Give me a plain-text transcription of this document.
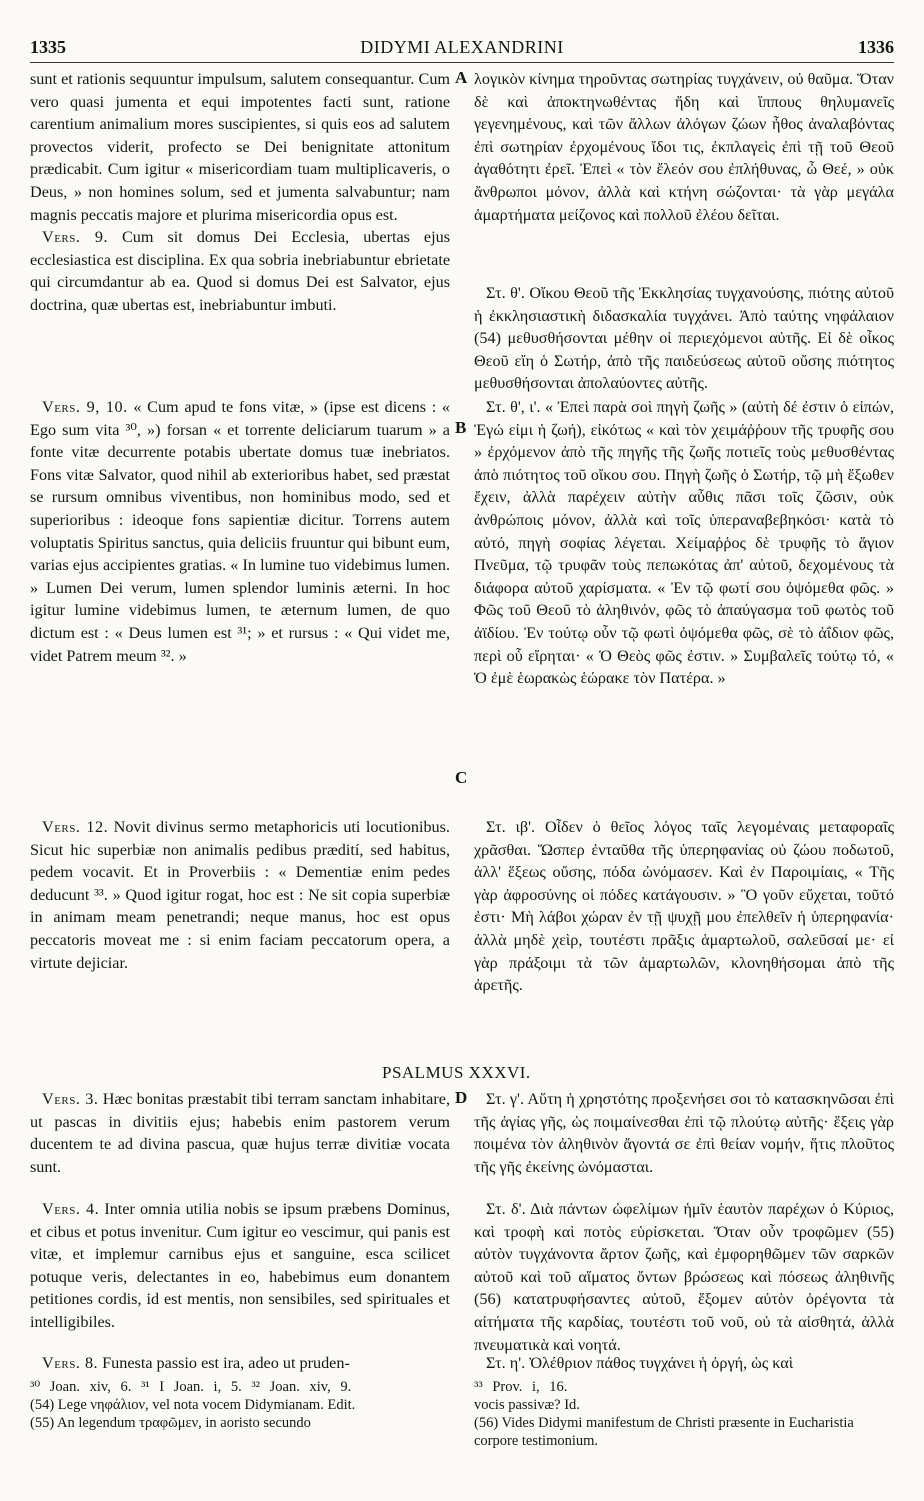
1335	DIDYMI ALEXANDRINI	1336
A
B
C
D
PSALMUS XXXVI.

sunt et rationis sequuntur impulsum, salutem consequantur. Cum vero quasi jumenta et equi impotentes facti sunt, ratione carentium animalium mores suscipientes, si quis eos ad salutem provectos viderit, profecto se Dei benignitate attonitum prædicabit. Cum igitur « misericordiam tuam multiplicaveris, o Deus, » non homines solum, sed et jumenta salvabuntur; nam magnis peccatis majore et plurima misericordia opus est.

Vers. 9. Cum sit domus Dei Ecclesia, ubertas ejus ecclesiastica est disciplina. Ex qua sobria inebriabuntur ebrietate qui circumdantur ab ea. Quod si domus Dei est Salvator, ejus doctrina, quæ ubertas est, inebriabuntur imbuti.

Vers. 9, 10. « Cum apud te fons vitæ, » (ipse est dicens : « Ego sum vita ³⁰, ») forsan « et torrente deliciarum tuarum » a fonte vitæ decurrente potabis ubertate domus tuæ inebriatos. Fons vitæ Salvator, quod nihil ab exterioribus habet, sed præstat se rursum omnibus viventibus, non hominibus modo, sed et superioribus : ideoque fons sapientiæ dicitur. Torrens autem voluptatis Spiritus sanctus, quia deliciis fruuntur qui bibunt eum, varias ejus accipientes gratias. « In lumine tuo videbimus lumen. » Lumen Dei verum, lumen splendor luminis æterni. In hoc igitur lumine videbimus lumen, te æternum lumen, de quo dictum est : « Deus lumen est ³¹; » et rursus : « Qui videt me, videt Patrem meum ³². »

Vers. 12. Novit divinus sermo metaphoricis uti locutionibus. Sicut hic superbiæ non animalis pedibus prædití, sed habitus, pedem vocavit. Et in Proverbiis : « Dementiæ enim pedes deducunt ³³. » Quod igitur rogat, hoc est : Ne sit copia superbiæ in animam meam penetrandi; neque manus, hoc est opus peccatoris moveat me : si enim faciam peccatorum opera, a virtute dejiciar.

Vers. 3. Hæc bonitas præstabit tibi terram sanctam inhabitare, ut pascas in divitiis ejus; habebis enim pastorem verum ducentem te ad divina pascua, quæ hujus terræ divitiæ vocata sunt.

Vers. 4. Inter omnia utilia nobis se ipsum præbens Dominus, et cibus et potus invenitur. Cum igitur eo vescimur, qui panis est vitæ, et implemur carnibus ejus et sanguine, esca scilicet potuque veris, delectantes in eo, habebimus eum donantem petitiones cordis, id est mentis, non sensibiles, sed spirituales et intelligibiles.

Vers. 8. Funesta passio est ira, adeo ut pruden-

λογικὸν κίνημα τηροῦντας σωτηρίας τυγχάνειν, οὐ θαῦμα. Ὅταν δὲ καὶ ἀποκτηνωθέντας ἤδη καὶ ἵππους θηλυμανεῖς γεγενημένους, καὶ τῶν ἄλλων ἀλόγων ζώων ἦθος ἀναλαβόντας ἐπὶ σωτηρίαν ἐρχομένους ἴδοι τις, ἐκπλαγεὶς ἐπὶ τῇ τοῦ Θεοῦ ἀγαθότητι ἐρεῖ. Ἐπεὶ « τὸν ἔλεόν σου ἐπλήθυνας, ὦ Θεέ, » οὐκ ἄνθρωποι μόνον, ἀλλὰ καὶ κτήνη σώζονται· τὰ γὰρ μεγάλα ἁμαρτήματα μείζονος καὶ πολλοῦ ἐλέου δεῖται.

Στ. θ'. Οἴκου Θεοῦ τῆς Ἐκκλησίας τυγχανούσης, πιότης αὐτοῦ ἡ ἐκκλησιαστικὴ διδασκαλία τυγχάνει. Ἀπὸ ταύτης νηφάλαιον (54) μεθυσθήσονται μέθην οἱ περιεχόμενοι αὐτῆς. Εἰ δὲ οἶκος Θεοῦ εἴη ὁ Σωτήρ, ἀπὸ τῆς παιδεύσεως αὐτοῦ οὔσης πιότητος μεθυσθήσονται ἀπολαύοντες αὐτῆς.

Στ. θ', ι'. « Ἐπεὶ παρὰ σοὶ πηγὴ ζωῆς » (αὐτὴ δέ ἐστιν ὁ εἰπών, Ἐγώ εἰμι ἡ ζωή), εἰκότως « καὶ τὸν χειμάῤῥουν τῆς τρυφῆς σου » ἐρχόμενον ἀπὸ τῆς πηγῆς τῆς ζωῆς ποτιεῖς τοὺς μεθυσθέντας ἀπὸ πιότητος τοῦ οἴκου σου. Πηγὴ ζωῆς ὁ Σωτήρ, τῷ μὴ ἔξωθεν ἔχειν, ἀλλὰ παρέχειν αὐτὴν αὖθις πᾶσι τοῖς ζῶσιν, οὐκ ἀνθρώποις μόνον, ἀλλὰ καὶ τοῖς ὑπεραναβεβηκόσι· κατὰ τὸ αὐτό, πηγὴ σοφίας λέγεται. Χείμαῤῥος δὲ τρυφῆς τὸ ἅγιον Πνεῦμα, τῷ τρυφᾶν τοὺς πεπωκότας ἀπ' αὐτοῦ, δεχομένους τὰ διάφορα αὐτοῦ χαρίσματα. « Ἐν τῷ φωτί σου ὀψόμεθα φῶς. » Φῶς τοῦ Θεοῦ τὸ ἀληθινόν, φῶς τὸ ἀπαύγασμα τοῦ φωτὸς τοῦ ἀϊδίου. Ἐν τούτῳ οὖν τῷ φωτὶ ὀψόμεθα φῶς, σὲ τὸ ἀΐδιον φῶς, περὶ οὗ εἴρηται· « Ὁ Θεὸς φῶς ἐστιν. » Συμβαλεῖς τούτῳ τό, « Ὁ ἐμὲ ἑωρακὼς ἑώρακε τὸν Πατέρα. »

Στ. ιβ'. Οἶδεν ὁ θεῖος λόγος ταῖς λεγομέναις μεταφοραῖς χρᾶσθαι. Ὥσπερ ἐνταῦθα τῆς ὑπερηφανίας οὐ ζώου ποδωτοῦ, ἀλλ' ἕξεως οὔσης, πόδα ὠνόμασεν. Καὶ ἐν Παροιμίαις, « Τῆς γὰρ ἀφροσύνης οἱ πόδες κατάγουσιν. » Ὃ γοῦν εὔχεται, τοῦτό ἐστι· Μὴ λάβοι χώραν ἐν τῇ ψυχῇ μου ἐπελθεῖν ἡ ὑπερηφανία· ἀλλὰ μηδὲ χεὶρ, τουτέστι πρᾶξις ἁμαρτωλοῦ, σαλεῦσαί με· εἰ γὰρ πράξοιμι τὰ τῶν ἁμαρτωλῶν, κλονηθήσομαι ἀπὸ τῆς ἀρετῆς.

Στ. γ'. Αὕτη ἡ χρηστότης προξενήσει σοι τὸ κατασκηνῶσαι ἐπὶ τῆς ἁγίας γῆς, ὡς ποιμαίνεσθαι ἐπὶ τῷ πλούτῳ αὐτῆς· ἕξεις γὰρ ποιμένα τὸν ἀληθινὸν ἄγοντά σε ἐπὶ θείαν νομήν, ἥτις πλοῦτος τῆς γῆς ἐκείνης ὠνόμασται.

Στ. δ'. Διὰ πάντων ὠφελίμων ἡμῖν ἑαυτὸν παρέχων ὁ Κύριος, καὶ τροφὴ καὶ ποτὸς εὑρίσκεται. Ὅταν οὖν τροφῶμεν (55) αὐτὸν τυγχάνοντα ἄρτον ζωῆς, καὶ ἐμφορηθῶμεν τῶν σαρκῶν αὐτοῦ καὶ τοῦ αἵματος ὄντων βρώσεως καὶ πόσεως ἀληθινῆς (56) κατατρυφήσαντες αὐτοῦ, ἕξομεν αὐτὸν ὀρέγοντα τὰ αἰτήματα τῆς καρδίας, τουτέστι τοῦ νοῦ, οὐ τὰ αἰσθητά, ἀλλὰ πνευματικὰ καὶ νοητά.

Στ. η'. Ὀλέθριον πάθος τυγχάνει ἡ ὀργή, ὡς καὶ

³⁰ Joan. xiv, 6. ³¹ I Joan. i, 5. ³² Joan. xiv, 9.
(54) Lege νηφάλιον, vel nota vocem Didymianam. Edit.
(55) An legendum τραφῶμεν, in aoristo secundo
³³ Prov. i, 16.
vocis passivæ? Id.
(56) Vides Didymi manifestum de Christi præsente in Eucharistia corpore testimonium.
